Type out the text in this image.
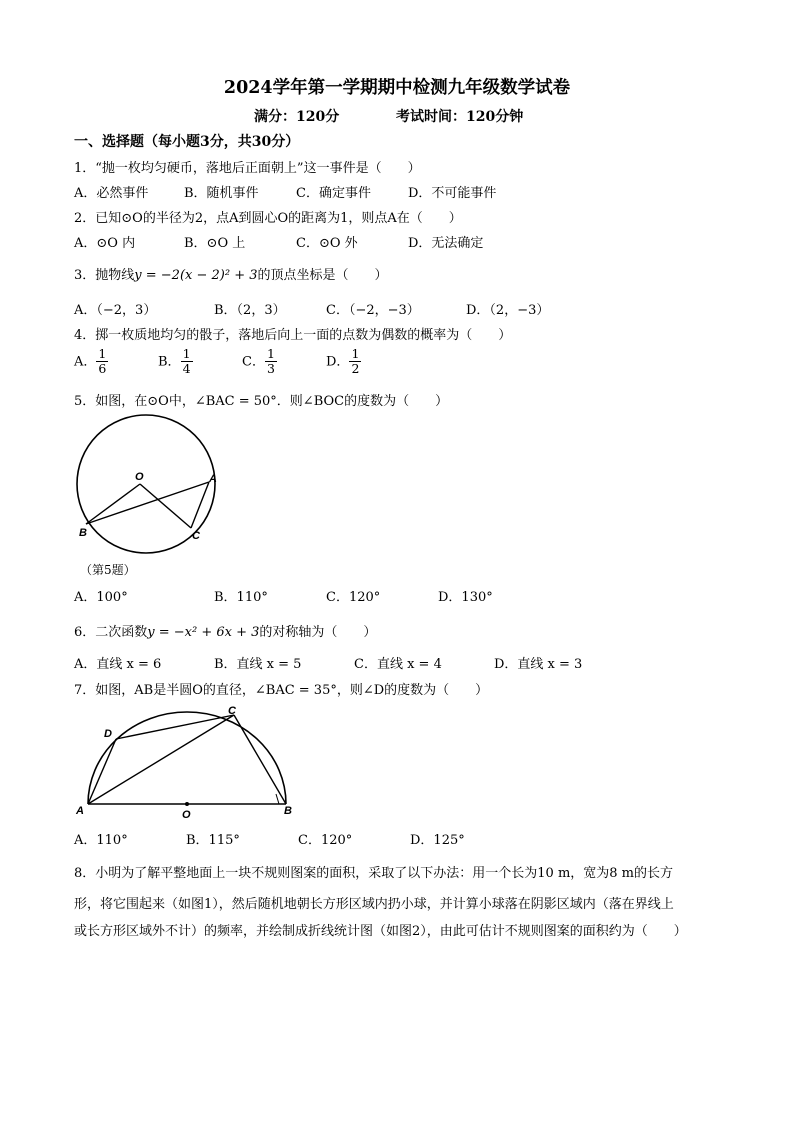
2024学年第一学期期中检测九年级数学试卷
满分：120分	考试时间：120分钟
一、选择题（每小题3分，共30分）
1．“抛一枚均匀硬币，落地后正面朝上”这一事件是（　　）
A．必然事件	B．随机事件	C．确定事件	D．不可能事件
2．已知⊙O的半径为2，点A到圆心O的距离为1，则点A在（　　）
A．⊙O 内	B．⊙O 上	C．⊙O 外	D．无法确定
3．抛物线y = −2(x − 2)² + 3的顶点坐标是（　　）
A．（−2，3）	B．（2，3）	C．（−2，−3）	D．（2，−3）
4．掷一枚质地均匀的骰子，落地后向上一面的点数为偶数的概率为（　　）
A． $\frac{1}{6}$	B． $\frac{1}{4}$	C． $\frac{1}{3}$	D． $\frac{1}{2}$
5．如图，在⊙O中，∠BAC = 50°．则∠BOC的度数为（　　）
O	A
B	C
（第5题）
A．100°	B．110°	C．120°	D．130°
6．二次函数y = −x² + 6x + 3的对称轴为（　　）
A．直线 x = 6	B．直线 x = 5	C．直线 x = 4	D．直线 x = 3
7．如图，AB是半圆O的直径，∠BAC = 35°，则∠D的度数为（　　）
D
C
A	O	B
A．110°	B．115°	C．120°	D．125°
8．小明为了解平整地面上一块不规则图案的面积，采取了以下办法：用一个长为10 m，宽为8 m的长方
形，将它围起来（如图1），然后随机地朝长方形区域内扔小球，并计算小球落在阴影区域内（落在界线上
或长方形区域外不计）的频率，并绘制成折线统计图（如图2），由此可估计不规则图案的面积约为（　　）
